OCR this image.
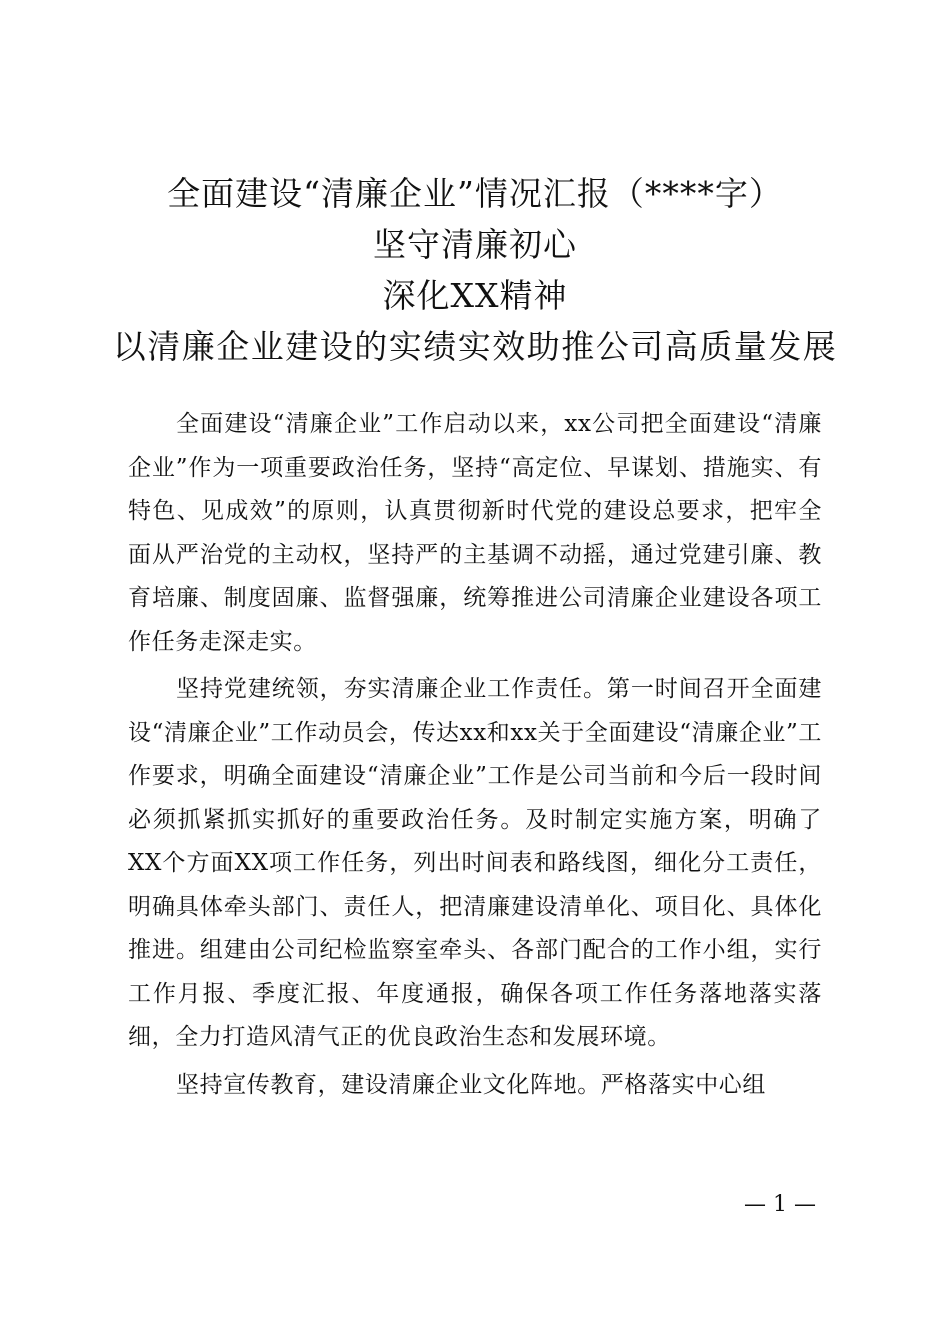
全面建设“清廉企业”情况汇报（****字）
坚守清廉初心
深化XX精神
以清廉企业建设的实绩实效助推公司高质量发展

全面建设“清廉企业”工作启动以来，xx公司把全面建设“清廉企业”作为一项重要政治任务，坚持“高定位、早谋划、措施实、有特色、见成效”的原则，认真贯彻新时代党的建设总要求，把牢全面从严治党的主动权，坚持严的主基调不动摇，通过党建引廉、教育培廉、制度固廉、监督强廉，统筹推进公司清廉企业建设各项工作任务走深走实。

坚持党建统领，夯实清廉企业工作责任。第一时间召开全面建设“清廉企业”工作动员会，传达xx和xx关于全面建设“清廉企业”工作要求，明确全面建设“清廉企业”工作是公司当前和今后一段时间必须抓紧抓实抓好的重要政治任务。及时制定实施方案，明确了XX个方面XX项工作任务，列出时间表和路线图，细化分工责任，明确具体牵头部门、责任人，把清廉建设清单化、项目化、具体化推进。组建由公司纪检监察室牵头、各部门配合的工作小组，实行工作月报、季度汇报、年度通报，确保各项工作任务落地落实落细，全力打造风清气正的优良政治生态和发展环境。

坚持宣传教育，建设清廉企业文化阵地。严格落实中心组

— 1 —
